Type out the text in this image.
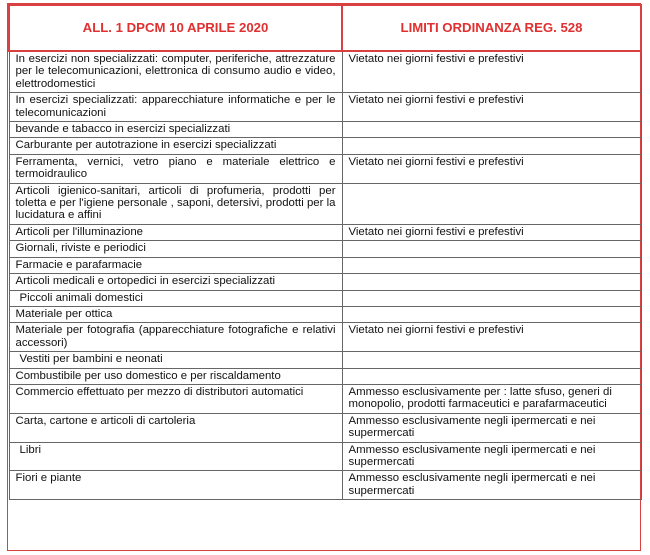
ALL. 1 DPCM 10 APRILE 2020	LIMITI ORDINANZA REG. 528
In esercizi non specializzati: computer, periferiche, attrezzature per le telecomunicazioni, elettronica di consumo audio e video, elettrodomestici	Vietato nei giorni festivi e prefestivi
In esercizi specializzati: apparecchiature informatiche e per le telecomunicazioni	Vietato nei giorni festivi e prefestivi
bevande e tabacco in esercizi specializzati	
Carburante per autotrazione in esercizi specializzati	
Ferramenta, vernici, vetro piano e materiale elettrico e termoidraulico	Vietato nei giorni festivi e prefestivi
Articoli igienico-sanitari, articoli di profumeria, prodotti per toletta e per l'igiene personale , saponi, detersivi, prodotti per la lucidatura e affini	
Articoli per l'illuminazione	Vietato nei giorni festivi e prefestivi
Giornali, riviste e periodici	
Farmacie e parafarmacie	
Articoli medicali e ortopedici in esercizi specializzati	
Piccoli animali domestici	
Materiale per ottica	
Materiale per fotografia (apparecchiature fotografiche e relativi accessori)	Vietato nei giorni festivi e prefestivi
Vestiti per bambini e neonati	
Combustibile per uso domestico e per riscaldamento	
Commercio effettuato per mezzo di distributori automatici	Ammesso esclusivamente per : latte sfuso, generi di monopolio, prodotti farmaceutici e parafarmaceutici
Carta, cartone e articoli di cartoleria	Ammesso esclusivamente negli ipermercati e nei supermercati
Libri	Ammesso esclusivamente negli ipermercati e nei supermercati
Fiori e piante	Ammesso esclusivamente negli ipermercati e nei supermercati
